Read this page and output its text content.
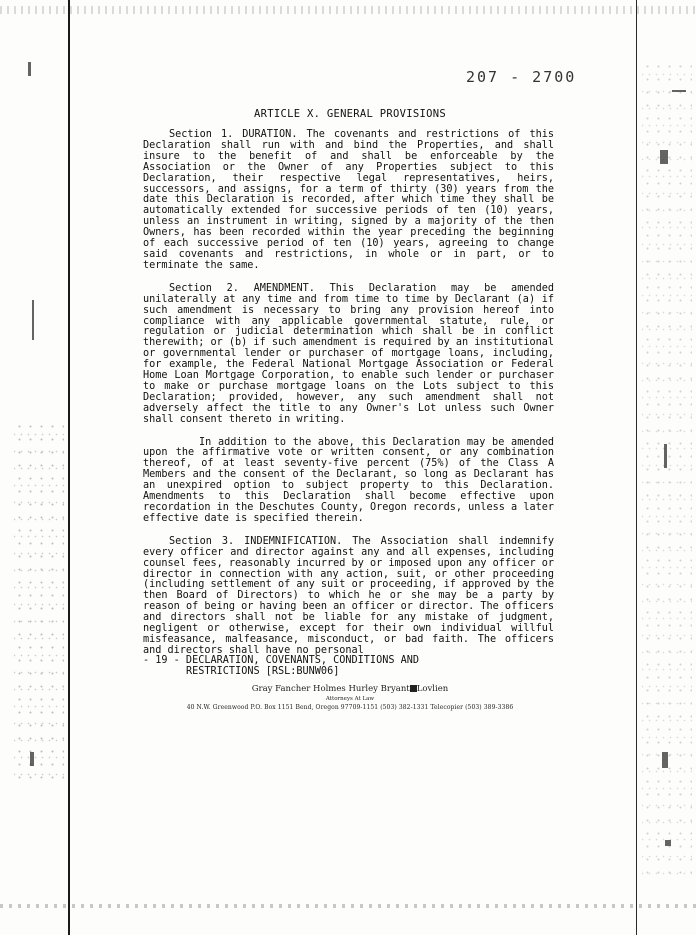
207 - 2700
ARTICLE X. GENERAL PROVISIONS

Section 1. DURATION. The covenants and restrictions of this Declaration shall run with and bind the Properties, and shall insure to the benefit of and shall be enforceable by the Association or the Owner of any Properties subject to this Declaration, their respective legal representatives, heirs, successors, and assigns, for a term of thirty (30) years from the date this Declaration is recorded, after which time they shall be automatically extended for successive periods of ten (10) years, unless an instrument in writing, signed by a majority of the then Owners, has been recorded within the year preceding the beginning of each successive period of ten (10) years, agreeing to change said covenants and restrictions, in whole or in part, or to terminate the same.

Section 2. AMENDMENT. This Declaration may be amended unilaterally at any time and from time to time by Declarant (a) if such amendment is necessary to bring any provision hereof into compliance with any applicable governmental statute, rule, or regulation or judicial determination which shall be in conflict therewith; or (b) if such amendment is required by an institutional or governmental lender or purchaser of mortgage loans, including, for example, the Federal National Mortgage Association or Federal Home Loan Mortgage Corporation, to enable such lender or purchaser to make or purchase mortgage loans on the Lots subject to this Declaration; provided, however, any such amendment shall not adversely affect the title to any Owner's Lot unless such Owner shall consent thereto in writing.

In addition to the above, this Declaration may be amended upon the affirmative vote or written consent, or any combination thereof, of at least seventy-five percent (75%) of the Class A Members and the consent of the Declarant, so long as Declarant has an unexpired option to subject property to this Declaration. Amendments to this Declaration shall become effective upon recordation in the Deschutes County, Oregon records, unless a later effective date is specified therein.

Section 3. INDEMNIFICATION. The Association shall indemnify every officer and director against any and all expenses, including counsel fees, reasonably incurred by or imposed upon any officer or director in connection with any action, suit, or other proceeding (including settlement of any suit or proceeding, if approved by the then Board of Directors) to which he or she may be a party by reason of being or having been an officer or director. The officers and directors shall not be liable for any mistake of judgment, negligent or otherwise, except for their own individual willful misfeasance, malfeasance, misconduct, or bad faith. The officers and directors shall have no personal

- 19 - DECLARATION, COVENANTS, CONDITIONS AND
RESTRICTIONS [RSL:BUNW06]
Gray Fancher Holmes Hurley Bryant Lovlien
Attorneys At Law
40 N.W. Greenwood P.O. Box 1151 Bend, Oregon 97709-1151 (503) 382-1331 Telecopier (503) 389-3386
